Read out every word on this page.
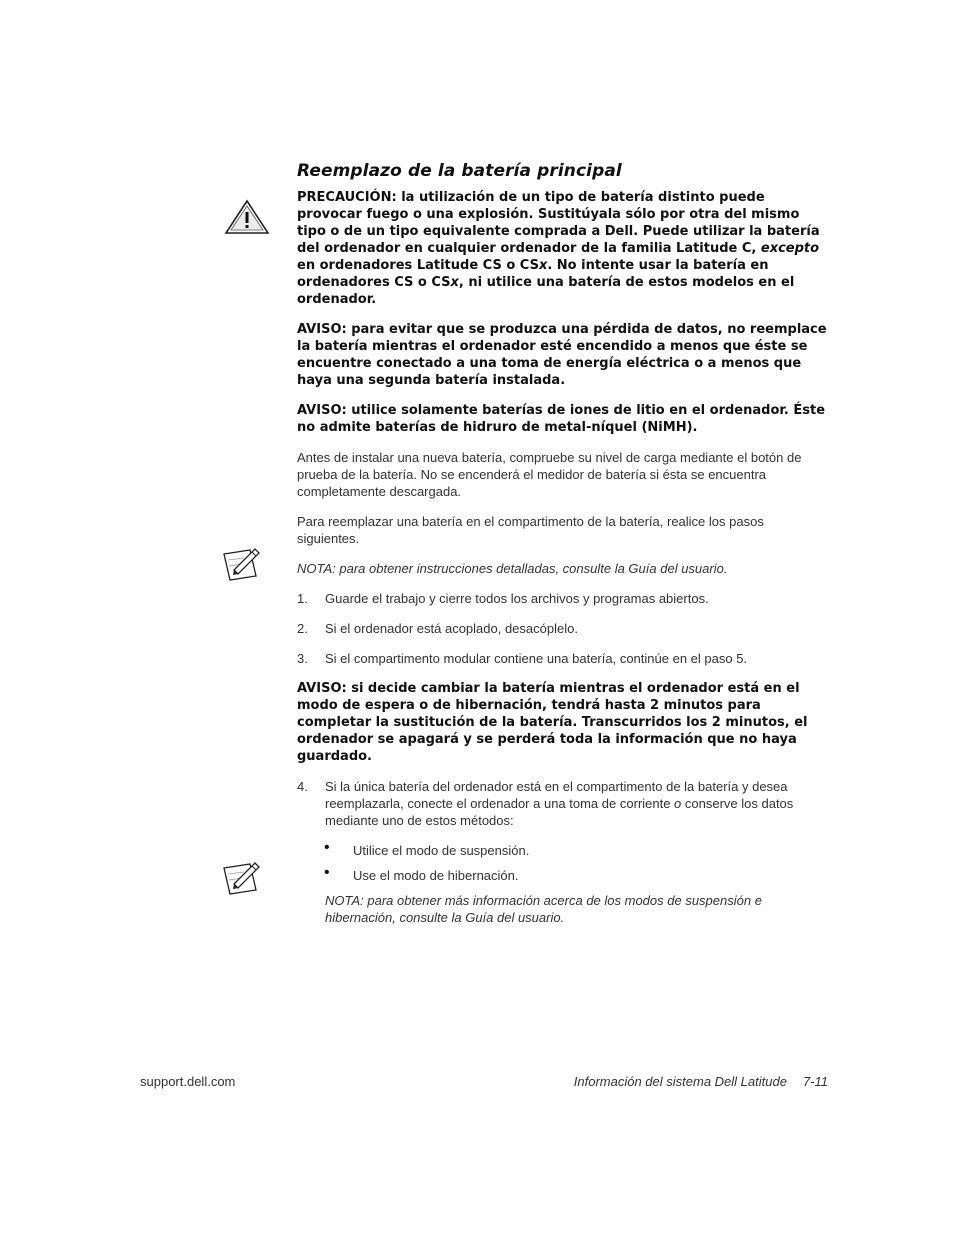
Reemplazo de la batería principal

PRECAUCIÓN: la utilización de un tipo de batería distinto puede provocar fuego o una explosión. Sustitúyala sólo por otra del mismo tipo o de un tipo equivalente comprada a Dell. Puede utilizar la batería del ordenador en cualquier ordenador de la familia Latitude C, excepto en ordenadores Latitude CS o CSx. No intente usar la batería en ordenadores CS o CSx, ni utilice una batería de estos modelos en el ordenador.

AVISO: para evitar que se produzca una pérdida de datos, no reemplace la batería mientras el ordenador esté encendido a menos que éste se encuentre conectado a una toma de energía eléctrica o a menos que haya una segunda batería instalada.

AVISO: utilice solamente baterías de iones de litio en el ordenador. Éste no admite baterías de hidruro de metal-níquel (NiMH).

Antes de instalar una nueva batería, compruebe su nivel de carga mediante el botón de prueba de la batería. No se encenderá el medidor de batería si ésta se encuentra completamente descargada.

Para reemplazar una batería en el compartimento de la batería, realice los pasos siguientes.

NOTA: para obtener instrucciones detalladas, consulte la Guía del usuario.

1. Guarde el trabajo y cierre todos los archivos y programas abiertos.
2. Si el ordenador está acoplado, desacóplelo.
3. Si el compartimento modular contiene una batería, continúe en el paso 5.

AVISO: si decide cambiar la batería mientras el ordenador está en el modo de espera o de hibernación, tendrá hasta 2 minutos para completar la sustitución de la batería. Transcurridos los 2 minutos, el ordenador se apagará y se perderá toda la información que no haya guardado.

4. Si la única batería del ordenador está en el compartimento de la batería y desea reemplazarla, conecte el ordenador a una toma de corriente o conserve los datos mediante uno de estos métodos:
• Utilice el modo de suspensión.
• Use el modo de hibernación.

NOTA: para obtener más información acerca de los modos de suspensión e hibernación, consulte la Guía del usuario.

support.dell.com	Información del sistema Dell Latitude 7-11
